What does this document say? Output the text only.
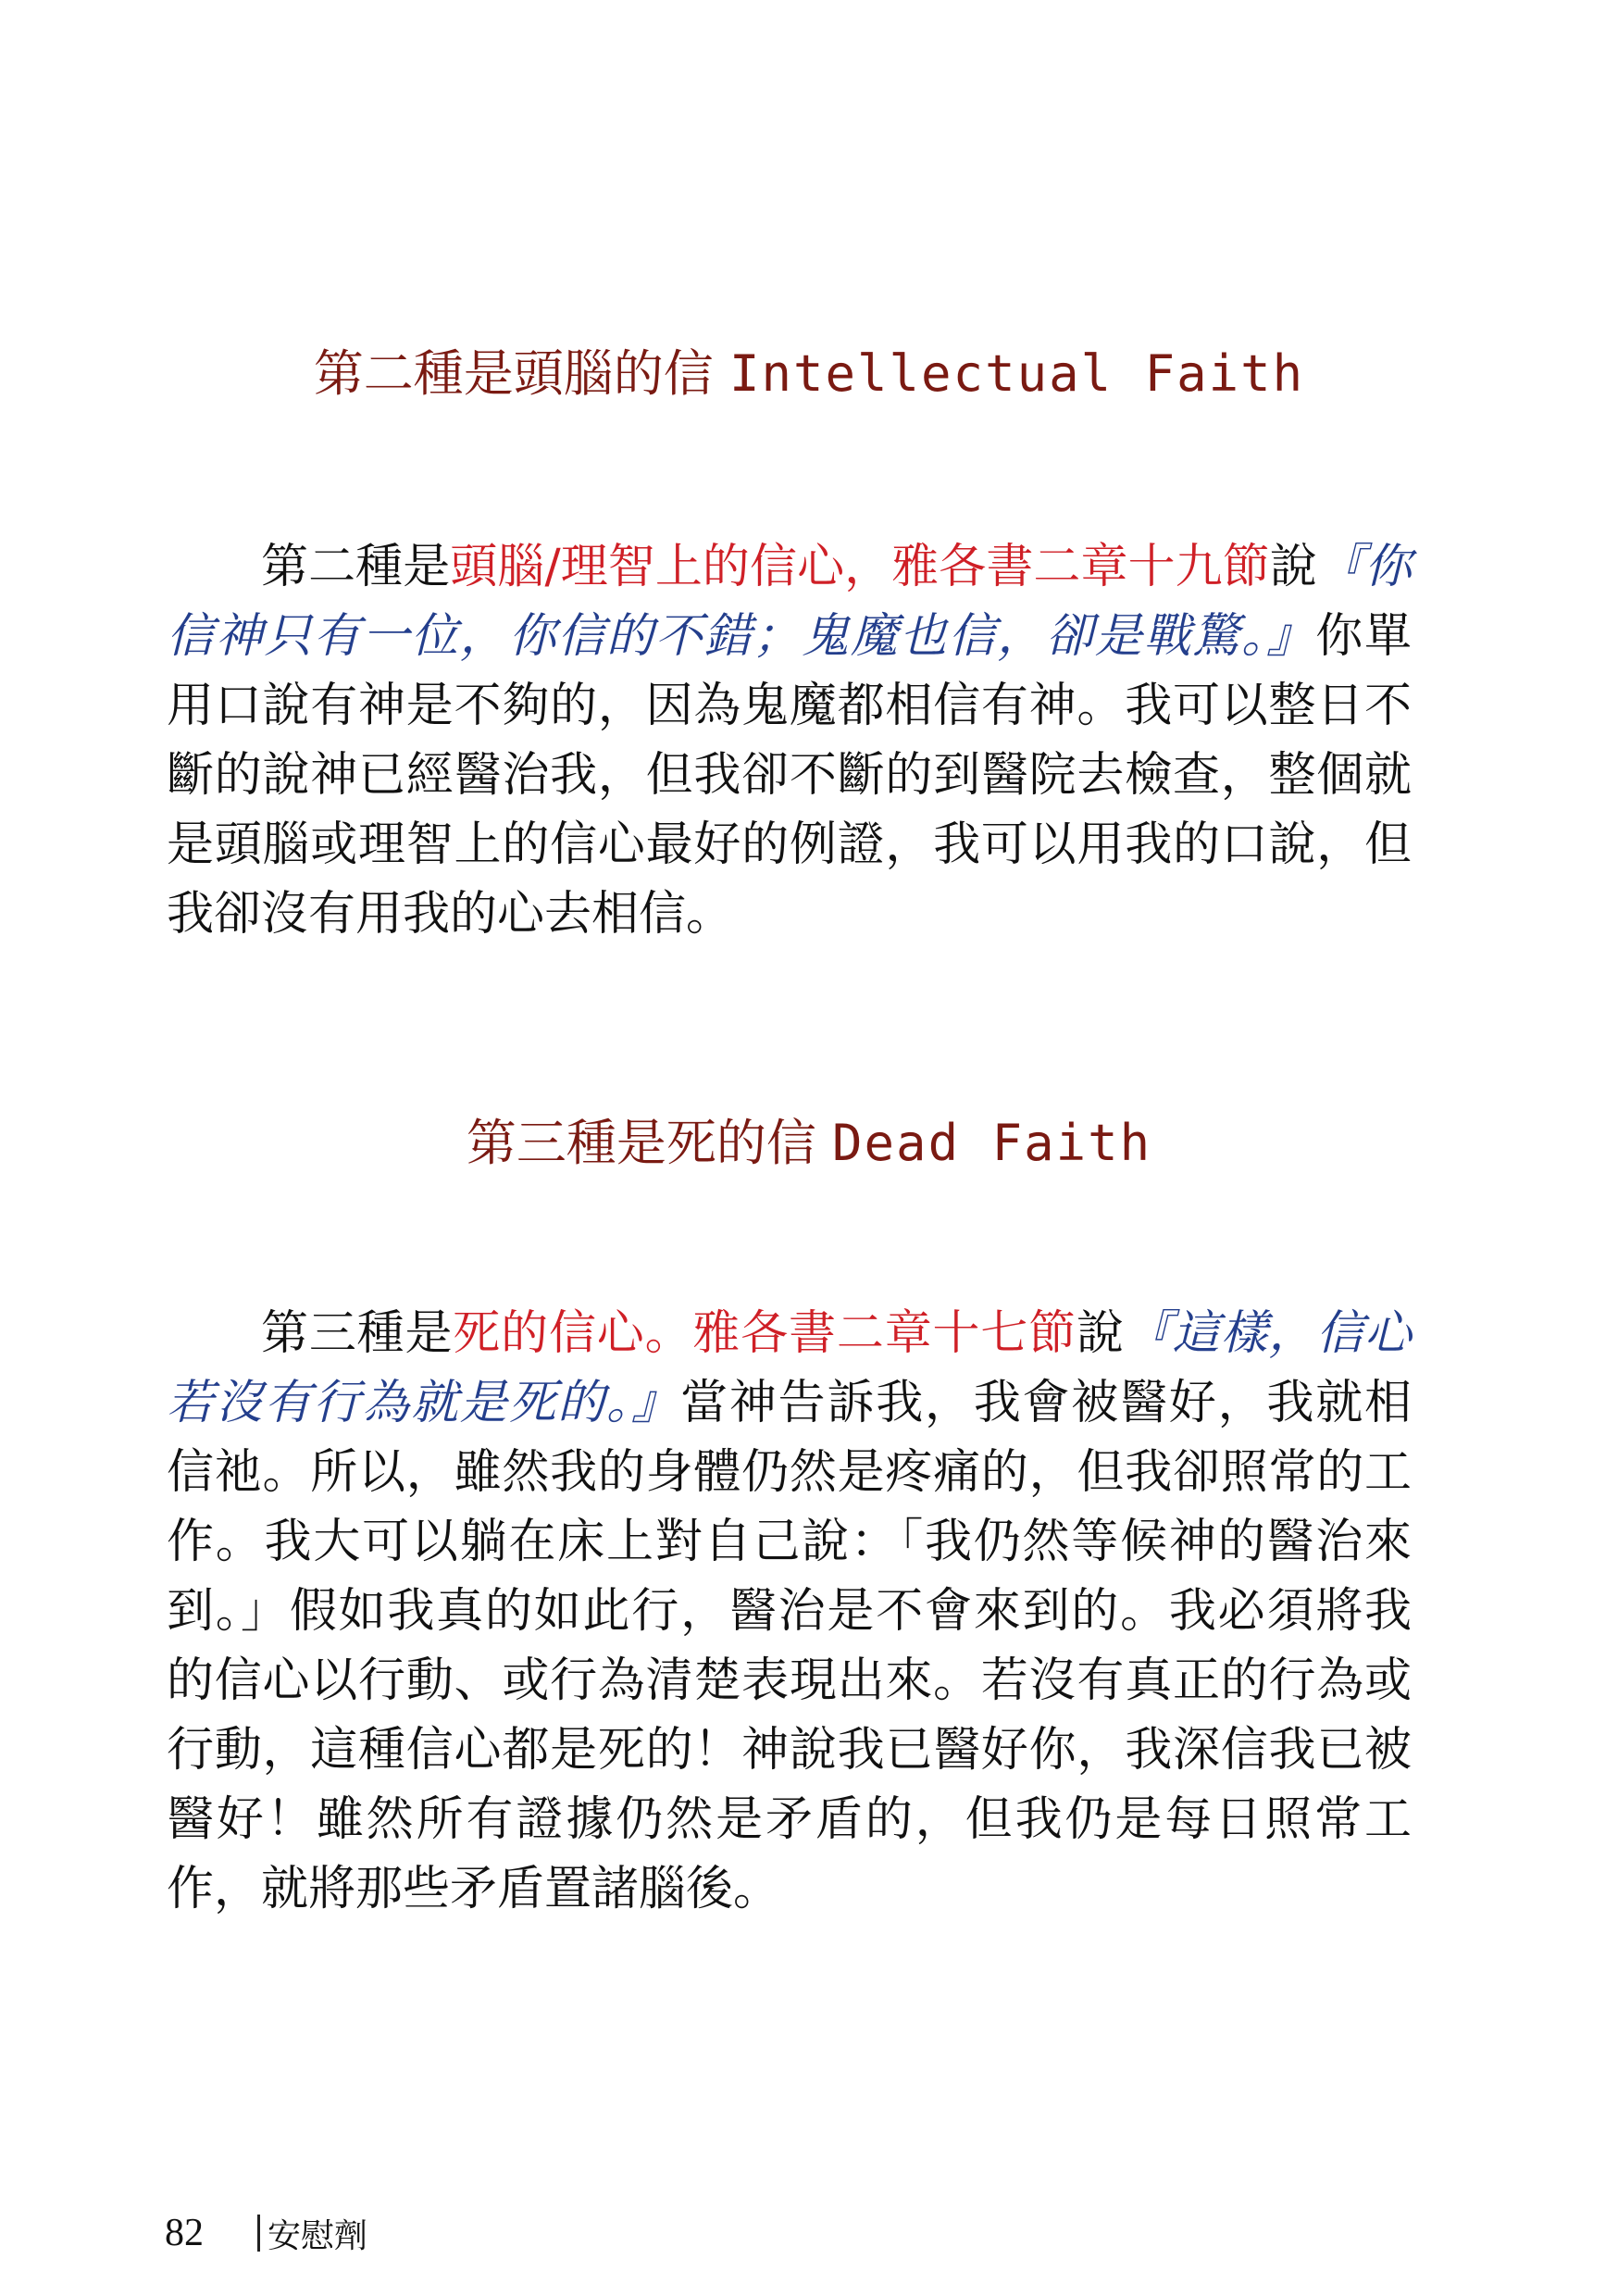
第二種是頭腦的信 Intellectual Faith

第二種是頭腦/理智上的信心，雅各書二章十九節說『你信神只有一位，你信的不錯；鬼魔也信，卻是戰驚。』你單用口說有神是不夠的，因為鬼魔都相信有神。我可以整日不斷的說神已經醫治我，但我卻不斷的到醫院去檢查，整個就是頭腦或理智上的信心最好的例證，我可以用我的口說，但我卻沒有用我的心去相信。

第三種是死的信 Dead Faith

第三種是死的信心。雅各書二章十七節說『這樣，信心若沒有行為就是死的。』當神告訴我，我會被醫好，我就相信祂。所以，雖然我的身體仍然是疼痛的，但我卻照常的工作。我大可以躺在床上對自己說：「我仍然等候神的醫治來到。」假如我真的如此行，醫治是不會來到的。我必須將我的信心以行動、或行為清楚表現出來。若沒有真正的行為或行動，這種信心都是死的！神說我已醫好你，我深信我已被醫好！雖然所有證據仍然是矛盾的，但我仍是每日照常工作，就將那些矛盾置諸腦後。

82 安慰劑
